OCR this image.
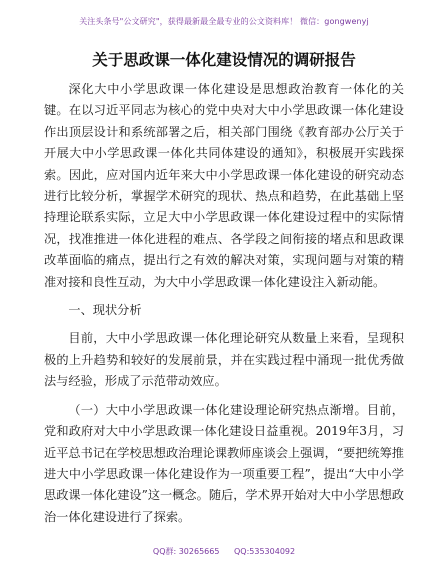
关注头条号"公文研究"，获得最新最全最专业的公文资料库！ 微信：gongwenyj
关于思政课一体化建设情况的调研报告

深化大中小学思政课一体化建设是思想政治教育一体化的关键。在以习近平同志为核心的党中央对大中小学思政课一体化建设作出顶层设计和系统部署之后，相关部门围绕《教育部办公厅关于开展大中小学思政课一体化共同体建设的通知》，积极展开实践探索。因此，应对国内近年来大中小学思政课一体化建设的研究动态进行比较分析，掌握学术研究的现状、热点和趋势，在此基础上坚持理论联系实际，立足大中小学思政课一体化建设过程中的实际情况，找准推进一体化进程的难点、各学段之间衔接的堵点和思政课改革面临的痛点，提出行之有效的解决对策，实现问题与对策的精准对接和良性互动，为大中小学思政课一体化建设注入新动能。

一、现状分析

目前，大中小学思政课一体化理论研究从数量上来看，呈现积极的上升趋势和较好的发展前景，并在实践过程中涌现一批优秀做法与经验，形成了示范带动效应。

（一）大中小学思政课一体化建设理论研究热点渐增。目前，党和政府对大中小学思政课一体化建设日益重视。2019年3月，习近平总书记在学校思想政治理论课教师座谈会上强调，“要把统筹推进大中小学思政课一体化建设作为一项重要工程”，提出“大中小学思政课一体化建设”这一概念。随后，学术界开始对大中小学思想政治一体化建设进行了探索。

QQ群: 30265665 QQ:535304092
